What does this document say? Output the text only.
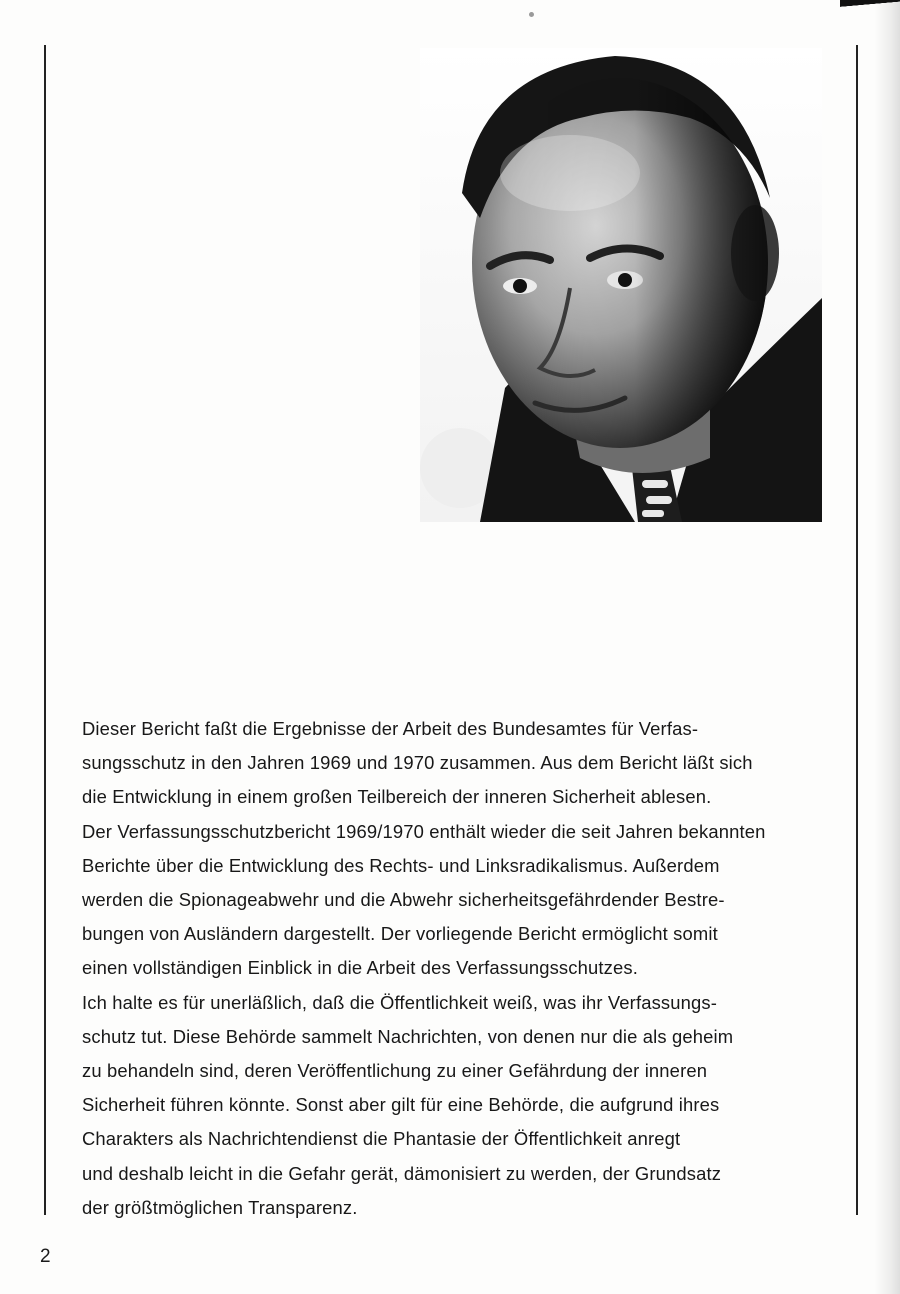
Dieser Bericht faßt die Ergebnisse der Arbeit des Bundesamtes für Verfas-
sungsschutz in den Jahren 1969 und 1970 zusammen. Aus dem Bericht läßt sich
die Entwicklung in einem großen Teilbereich der inneren Sicherheit ablesen.
Der Verfassungsschutzbericht 1969/1970 enthält wieder die seit Jahren bekannten
Berichte über die Entwicklung des Rechts- und Linksradikalismus. Außerdem
werden die Spionageabwehr und die Abwehr sicherheitsgefährdender Bestre-
bungen von Ausländern dargestellt. Der vorliegende Bericht ermöglicht somit
einen vollständigen Einblick in die Arbeit des Verfassungsschutzes.
Ich halte es für unerläßlich, daß die Öffentlichkeit weiß, was ihr Verfassungs-
schutz tut. Diese Behörde sammelt Nachrichten, von denen nur die als geheim
zu behandeln sind, deren Veröffentlichung zu einer Gefährdung der inneren
Sicherheit führen könnte. Sonst aber gilt für eine Behörde, die aufgrund ihres
Charakters als Nachrichtendienst die Phantasie der Öffentlichkeit anregt
und deshalb leicht in die Gefahr gerät, dämonisiert zu werden, der Grundsatz
der größtmöglichen Transparenz.
2
